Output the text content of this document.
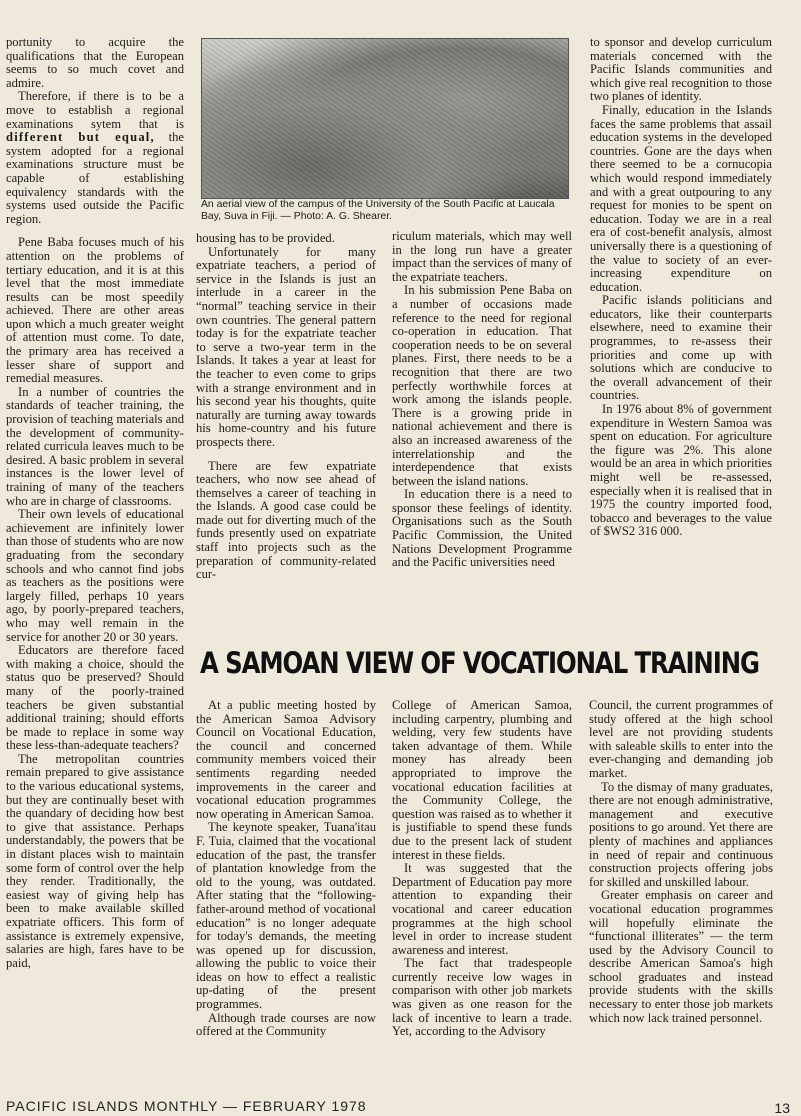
portunity to acquire the qualifications that the European seems to so much covet and admire.

Therefore, if there is to be a move to establish a regional examinations sytem that is different but equal, the system adopted for a regional examinations structure must be capable of establishing equivalency standards with the systems used outside the Pacific region.

Pene Baba focuses much of his attention on the problems of tertiary education, and it is at this level that the most immediate results can be most speedily achieved. There are other areas upon which a much greater weight of attention must come. To date, the primary area has received a lesser share of support and remedial measures.

In a number of countries the standards of teacher training, the provision of teaching materials and the development of community-related curricula leaves much to be desired. A basic problem in several instances is the lower level of training of many of the teachers who are in charge of classrooms.

Their own levels of educational achievement are infinitely lower than those of students who are now graduating from the secondary schools and who cannot find jobs as teachers as the positions were largely filled, perhaps 10 years ago, by poorly-prepared teachers, who may well remain in the service for another 20 or 30 years.

Educators are therefore faced with making a choice, should the status quo be preserved? Should many of the poorly-trained teachers be given substantial additional training; should efforts be made to replace in some way these less-than-adequate teachers?

The metropolitan countries remain prepared to give assistance to the various educational systems, but they are continually beset with the quandary of deciding how best to give that assistance. Perhaps understandably, the powers that be in distant places wish to maintain some form of control over the help they render. Traditionally, the easiest way of giving help has been to make available skilled expatriate officers. This form of assistance is extremely expensive, salaries are high, fares have to be paid,

An aerial view of the campus of the University of the South Pacific at Laucala Bay, Suva in Fiji. — Photo: A. G. Shearer.

housing has to be provided.

Unfortunately for many expatriate teachers, a period of service in the Islands is just an interlude in a career in the “normal” teaching service in their own countries. The general pattern today is for the expatriate teacher to serve a two-year term in the Islands. It takes a year at least for the teacher to even come to grips with a strange environment and in his second year his thoughts, quite naturally are turning away towards his home-country and his future prospects there.

There are few expatriate teachers, who now see ahead of themselves a career of teaching in the Islands. A good case could be made out for diverting much of the funds presently used on expatriate staff into projects such as the preparation of community-related cur-

riculum materials, which may well in the long run have a greater impact than the services of many of the expatriate teachers.

In his submission Pene Baba on a number of occasions made reference to the need for regional co-operation in education. That cooperation needs to be on several planes. First, there needs to be a recognition that there are two perfectly worthwhile forces at work among the islands people. There is a growing pride in national achievement and there is also an increased awareness of the interrelationship and the interdependence that exists between the island nations.

In education there is a need to sponsor these feelings of identity. Organisations such as the South Pacific Commission, the United Nations Development Programme and the Pacific universities need

to sponsor and develop curriculum materials concerned with the Pacific Islands communities and which give real recognition to those two planes of identity.

Finally, education in the Islands faces the same problems that assail education systems in the developed countries. Gone are the days when there seemed to be a cornucopia which would respond immediately and with a great outpouring to any request for monies to be spent on education. Today we are in a real era of cost-benefit analysis, almost universally there is a questioning of the value to society of an ever-increasing expenditure on education.

Pacific islands politicians and educators, like their counterparts elsewhere, need to examine their programmes, to re-assess their priorities and come up with solutions which are conducive to the overall advancement of their countries.

In 1976 about 8% of government expenditure in Western Samoa was spent on education. For agriculture the figure was 2%. This alone would be an area in which priorities might well be re-assessed, especially when it is realised that in 1975 the country imported food, tobacco and beverages to the value of $WS2 316 000.

A SAMOAN VIEW OF VOCATIONAL TRAINING

At a public meeting hosted by the American Samoa Advisory Council on Vocational Education, the council and concerned community members voiced their sentiments regarding needed improvements in the career and vocational education programmes now operating in American Samoa.

The keynote speaker, Tuana'itau F. Tuia, claimed that the vocational education of the past, the transfer of plantation knowledge from the old to the young, was outdated. After stating that the “following-father-around method of vocational education” is no longer adequate for today's demands, the meeting was opened up for discussion, allowing the public to voice their ideas on how to effect a realistic up-dating of the present programmes.

Although trade courses are now offered at the Community

College of American Samoa, including carpentry, plumbing and welding, very few students have taken advantage of them. While money has already been appropriated to improve the vocational education facilities at the Community College, the question was raised as to whether it is justifiable to spend these funds due to the present lack of student interest in these fields.

It was suggested that the Department of Education pay more attention to expanding their vocational and career education programmes at the high school level in order to increase student awareness and interest.

The fact that tradespeople currently receive low wages in comparison with other job markets was given as one reason for the lack of incentive to learn a trade. Yet, according to the Advisory

Council, the current programmes of study offered at the high school level are not providing students with saleable skills to enter into the ever-changing and demanding job market.

To the dismay of many graduates, there are not enough administrative, management and executive positions to go around. Yet there are plenty of machines and appliances in need of repair and continuous construction projects offering jobs for skilled and unskilled labour.

Greater emphasis on career and vocational education programmes will hopefully eliminate the “functional illiterates” — the term used by the Advisory Council to describe American Samoa's high school graduates and instead provide students with the skills necessary to enter those job markets which now lack trained personnel.

PACIFIC ISLANDS MONTHLY — FEBRUARY 1978	13
